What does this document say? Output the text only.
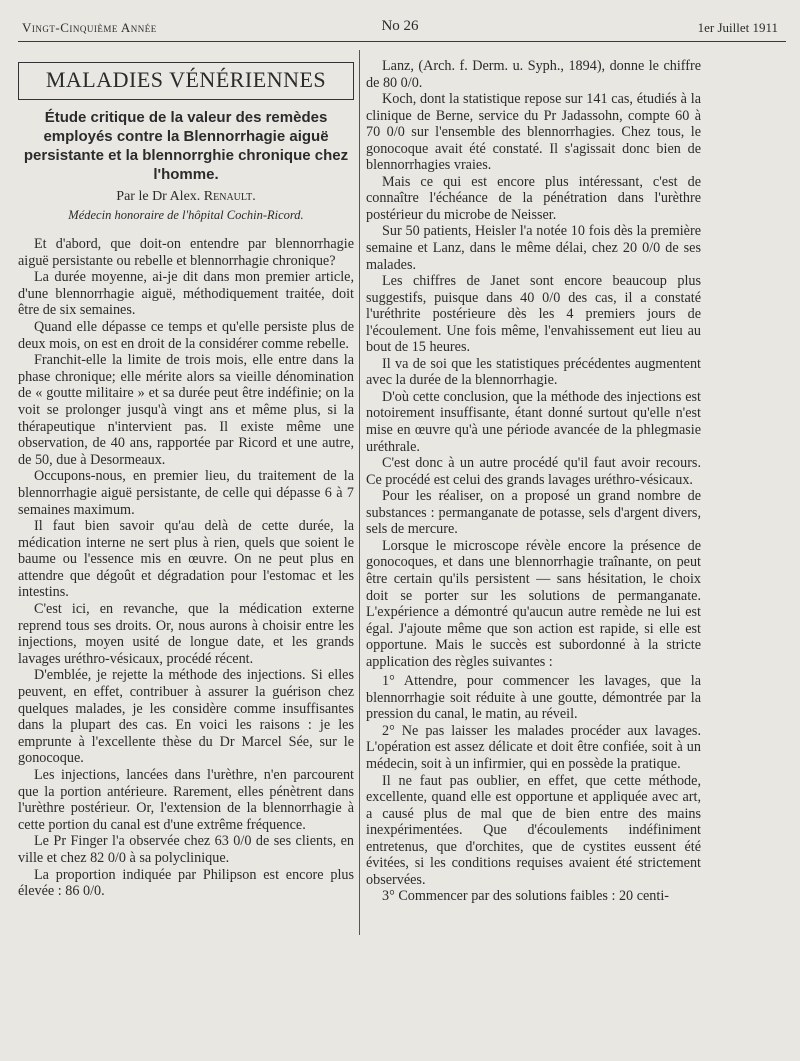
Vingt-Cinquième Année	No 26	1er Juillet 1911
MALADIES VÉNÉRIENNES
Étude critique de la valeur des remèdes employés contre la Blennorrhagie aiguë persistante et la blennorrghie chronique chez l'homme.
Par le Dr Alex. Renault.
Médecin honoraire de l'hôpital Cochin-Ricord.

Et d'abord, que doit-on entendre par blennorrhagie aiguë persistante ou rebelle et blennorrhagie chronique?

La durée moyenne, ai-je dit dans mon premier article, d'une blennorrhagie aiguë, méthodiquement traitée, doit être de six semaines.

Quand elle dépasse ce temps et qu'elle persiste plus de deux mois, on est en droit de la considérer comme rebelle.

Franchit-elle la limite de trois mois, elle entre dans la phase chronique; elle mérite alors sa vieille dénomination de « goutte militaire » et sa durée peut être indéfinie; on la voit se prolonger jusqu'à vingt ans et même plus, si la thérapeutique n'intervient pas. Il existe même une observation, de 40 ans, rapportée par Ricord et une autre, de 50, due à Desormeaux.

Occupons-nous, en premier lieu, du traitement de la blennorrhagie aiguë persistante, de celle qui dépasse 6 à 7 semaines maximum.

Il faut bien savoir qu'au delà de cette durée, la médication interne ne sert plus à rien, quels que soient le baume ou l'essence mis en œuvre. On ne peut plus en attendre que dégoût et dégradation pour l'estomac et les intestins.

C'est ici, en revanche, que la médication externe reprend tous ses droits. Or, nous aurons à choisir entre les injections, moyen usité de longue date, et les grands lavages uréthro-vésicaux, procédé récent.

D'emblée, je rejette la méthode des injections. Si elles peuvent, en effet, contribuer à assurer la guérison chez quelques malades, je les considère comme insuffisantes dans la plupart des cas. En voici les raisons : je les emprunte à l'excellente thèse du Dr Marcel Sée, sur le gonocoque.

Les injections, lancées dans l'urèthre, n'en parcourent que la portion antérieure. Rarement, elles pénètrent dans l'urèthre postérieur. Or, l'extension de la blennorrhagie à cette portion du canal est d'une extrême fréquence.

Le Pr Finger l'a observée chez 63 0/0 de ses clients, en ville et chez 82 0/0 à sa polyclinique.

La proportion indiquée par Philipson est encore plus élevée : 86 0/0.

Lanz, (Arch. f. Derm. u. Syph., 1894), donne le chiffre de 80 0/0.

Koch, dont la statistique repose sur 141 cas, étudiés à la clinique de Berne, service du Pr Jadassohn, compte 60 à 70 0/0 sur l'ensemble des blennorrhagies. Chez tous, le gonocoque avait été constaté. Il s'agissait donc bien de blennorrhagies vraies.

Mais ce qui est encore plus intéressant, c'est de connaître l'échéance de la pénétration dans l'urèthre postérieur du microbe de Neisser.

Sur 50 patients, Heisler l'a notée 10 fois dès la première semaine et Lanz, dans le même délai, chez 20 0/0 de ses malades.

Les chiffres de Janet sont encore beaucoup plus suggestifs, puisque dans 40 0/0 des cas, il a constaté l'uréthrite postérieure dès les 4 premiers jours de l'écoulement. Une fois même, l'envahissement eut lieu au bout de 15 heures.

Il va de soi que les statistiques précédentes augmentent avec la durée de la blennorrhagie.

D'où cette conclusion, que la méthode des injections est notoirement insuffisante, étant donné surtout qu'elle n'est mise en œuvre qu'à une période avancée de la phlegmasie uréthrale.

C'est donc à un autre procédé qu'il faut avoir recours. Ce procédé est celui des grands lavages uréthro-vésicaux.

Pour les réaliser, on a proposé un grand nombre de substances : permanganate de potasse, sels d'argent divers, sels de mercure.

Lorsque le microscope révèle encore la présence de gonocoques, et dans une blennorrhagie traînante, on peut être certain qu'ils persistent — sans hésitation, le choix doit se porter sur les solutions de permanganate. L'expérience a démontré qu'aucun autre remède ne lui est égal. J'ajoute même que son action est rapide, si elle est opportune. Mais le succès est subordonné à la stricte application des règles suivantes :

1° Attendre, pour commencer les lavages, que la blennorrhagie soit réduite à une goutte, démontrée par la pression du canal, le matin, au réveil.

2° Ne pas laisser les malades procéder aux lavages. L'opération est assez délicate et doit être confiée, soit à un médecin, soit à un infirmier, qui en possède la pratique.

Il ne faut pas oublier, en effet, que cette méthode, excellente, quand elle est opportune et appliquée avec art, a causé plus de mal que de bien entre des mains inexpérimentées. Que d'écoulements indéfiniment entretenus, que d'orchites, que de cystites eussent été évitées, si les conditions requises avaient été strictement observées.

3° Commencer par des solutions faibles : 20 centi-
